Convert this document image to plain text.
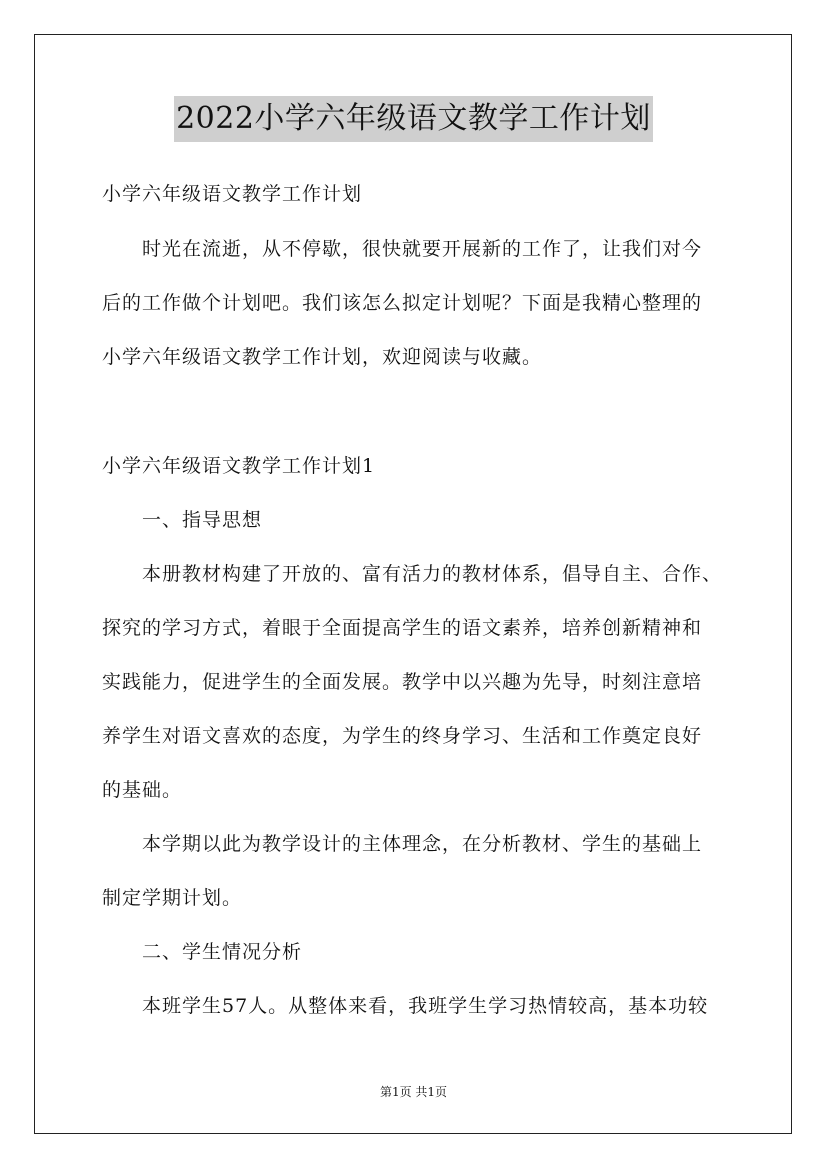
2022小学六年级语文教学工作计划
小学六年级语文教学工作计划
时光在流逝，从不停歇，很快就要开展新的工作了，让我们对今
后的工作做个计划吧。我们该怎么拟定计划呢？下面是我精心整理的
小学六年级语文教学工作计划，欢迎阅读与收藏。
小学六年级语文教学工作计划1
一、指导思想
本册教材构建了开放的、富有活力的教材体系，倡导自主、合作、
探究的学习方式，着眼于全面提高学生的语文素养，培养创新精神和
实践能力，促进学生的全面发展。教学中以兴趣为先导，时刻注意培
养学生对语文喜欢的态度，为学生的终身学习、生活和工作奠定良好
的基础。
本学期以此为教学设计的主体理念，在分析教材、学生的基础上
制定学期计划。
二、学生情况分析
本班学生57人。从整体来看，我班学生学习热情较高，基本功较
第1页 共1页
